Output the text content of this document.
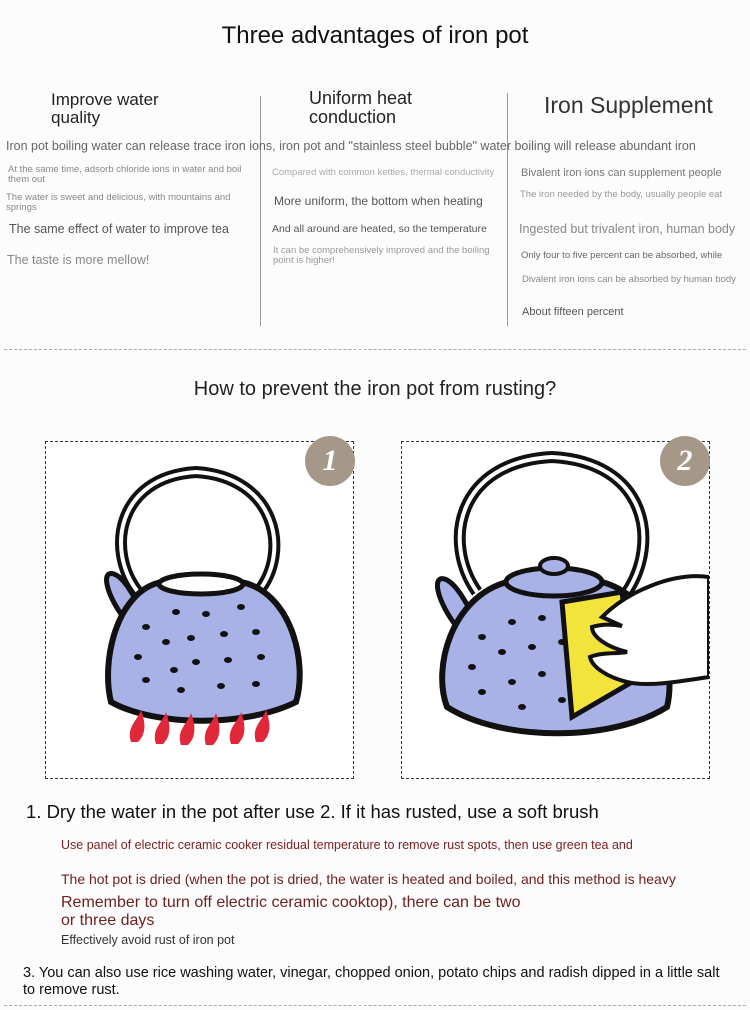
Three advantages of iron pot
Improve water quality
Uniform heat conduction	Iron Supplement
Iron pot boiling water can release trace iron ions, iron pot and "stainless steel bubble" water boiling will release abundant iron
At the same time, adsorb chloride ions in water and boil them out
The water is sweet and delicious, with mountains and springs
The same effect of water to improve tea
The taste is more mellow!
Compared with common kettles, thermal conductivity
More uniform, the bottom when heating
And all around are heated, so the temperature
It can be comprehensively improved and the boiling point is higher!
Bivalent iron ions can supplement people
The iron needed by the body, usually people eat
Ingested but trivalent iron, human body
Only four to five percent can be absorbed, while
Divalent iron ions can be absorbed by human body
About fifteen percent
How to prevent the iron pot from rusting?
1	2
1. Dry the water in the pot after use 2. If it has rusted, use a soft brush
Use panel of electric ceramic cooker residual temperature to remove rust spots, then use green tea and
The hot pot is dried (when the pot is dried, the water is heated and boiled, and this method is heavy
Remember to turn off electric ceramic cooktop), there can be two or three days
Effectively avoid rust of iron pot
3. You can also use rice washing water, vinegar, chopped onion, potato chips and radish dipped in a little salt to remove rust.
